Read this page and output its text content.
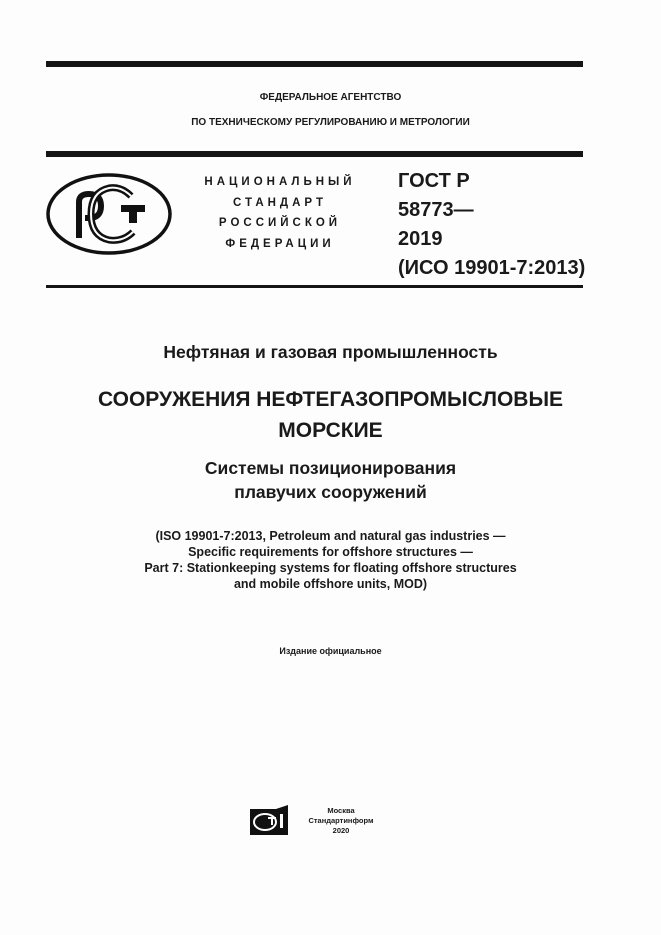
ФЕДЕРАЛЬНОЕ АГЕНТСТВО
ПО ТЕХНИЧЕСКОМУ РЕГУЛИРОВАНИЮ И МЕТРОЛОГИИ
НАЦИОНАЛЬНЫЙ
СТАНДАРТ
РОССИЙСКОЙ
ФЕДЕРАЦИИ
ГОСТ Р
58773—
2019
(ИСО 19901-7:2013)
Нефтяная и газовая промышленность
СООРУЖЕНИЯ НЕФТЕГАЗОПРОМЫСЛОВЫЕ
МОРСКИЕ
Системы позиционирования
плавучих сооружений
(ISO 19901-7:2013, Petroleum and natural gas industries —
Specific requirements for offshore structures —
Part 7: Stationkeeping systems for floating offshore structures
and mobile offshore units, MOD)
Издание официальное
Москва
Стандартинформ
2020
